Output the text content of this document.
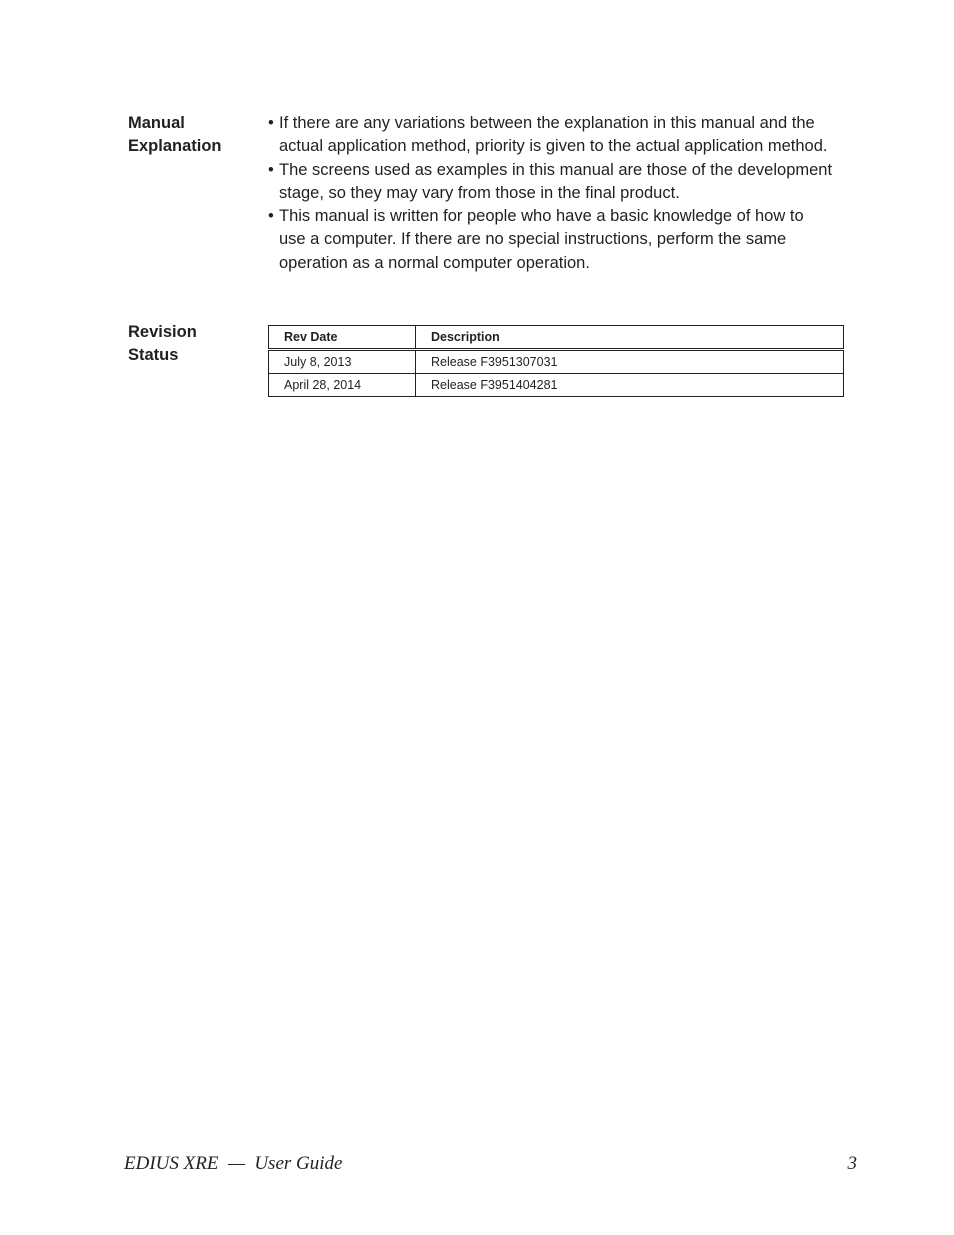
Manual
Explanation
• If there are any variations between the explanation in this manual and the
actual application method, priority is given to the actual application method.
• The screens used as examples in this manual are those of the development
stage, so they may vary from those in the final product.
• This manual is written for people who have a basic knowledge of how to
use a computer. If there are no special instructions, perform the same
operation as a normal computer operation.
Revision
Status
Rev Date	Description
July 8, 2013	Release F3951307031
April 28, 2014	Release F3951404281
EDIUS XRE  —  User Guide	3
